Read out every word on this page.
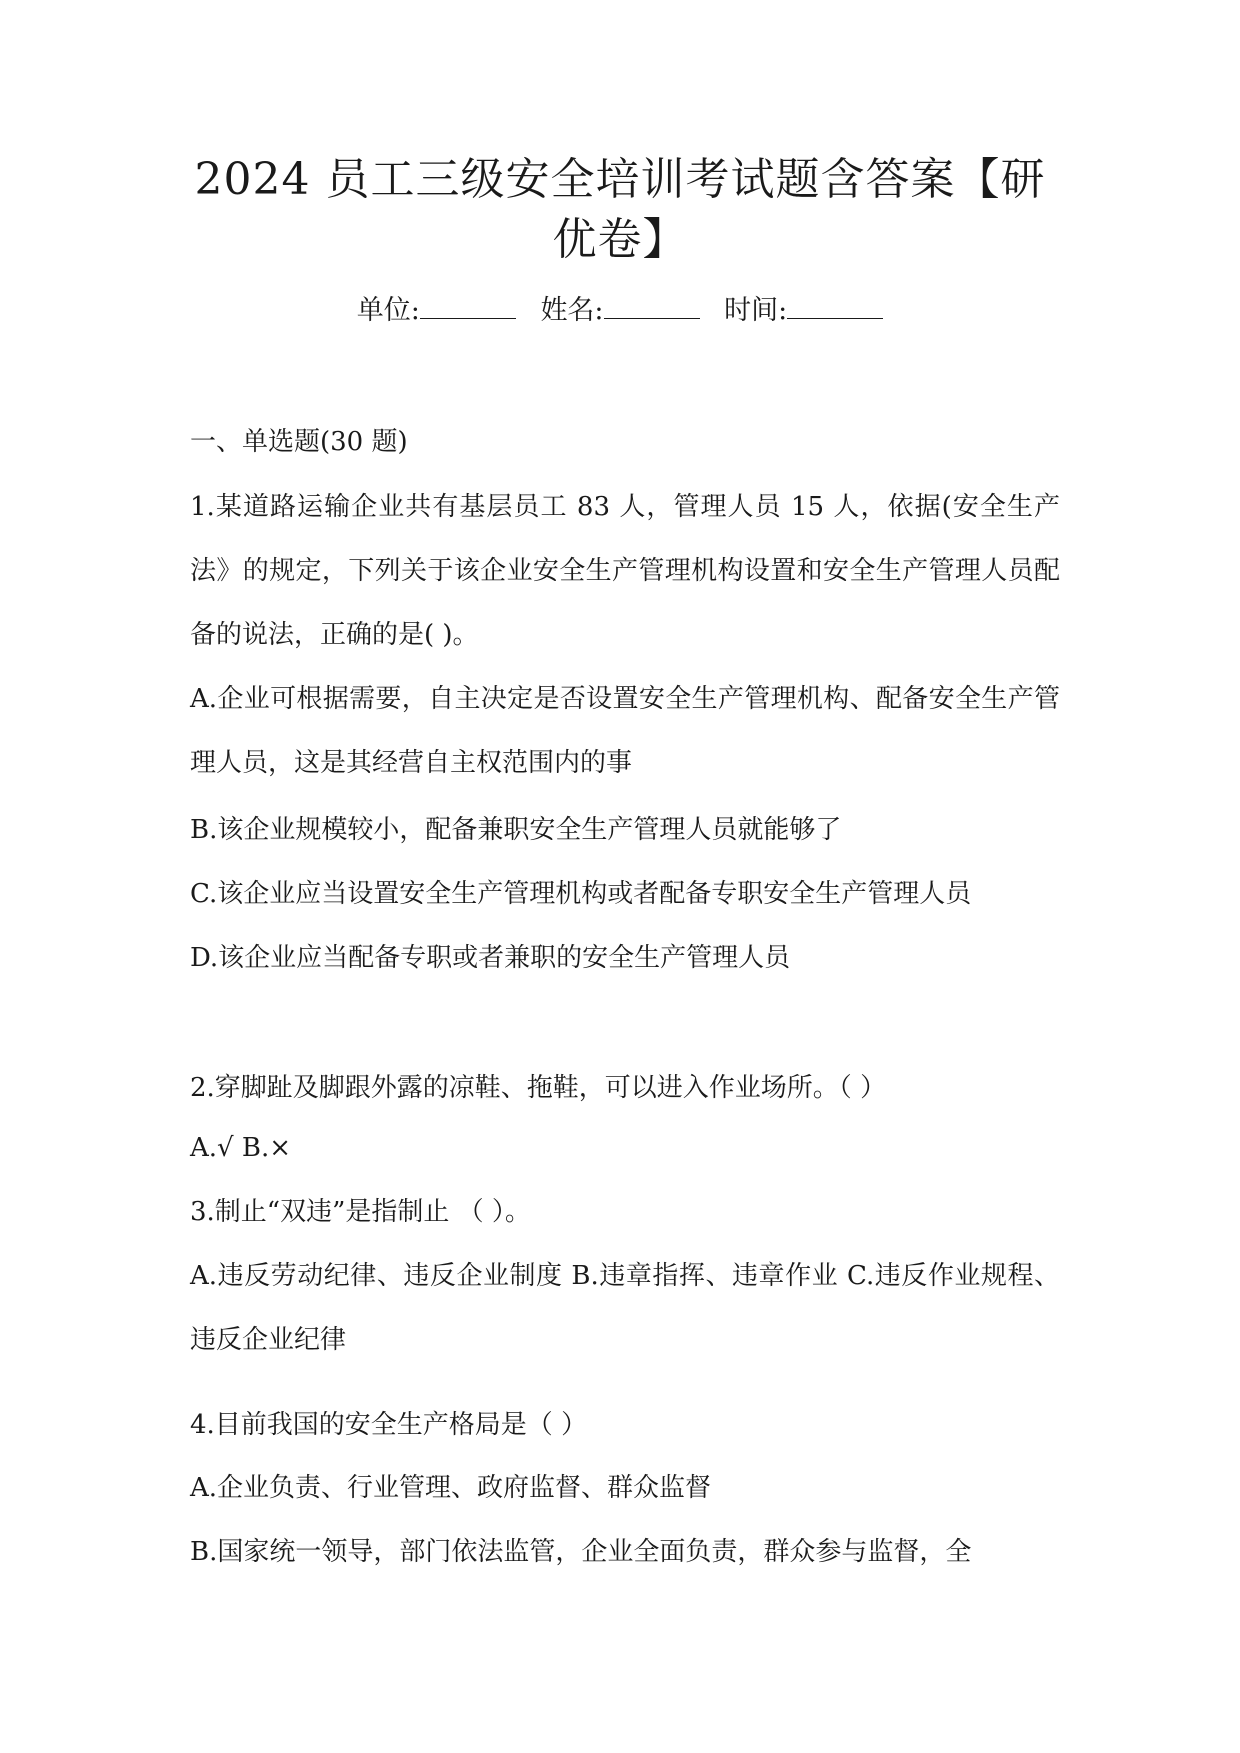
2024 员工三级安全培训考试题含答案【研优卷】
单位:	姓名:	时间:

一、单选题(30 题)

1.某道路运输企业共有基层员工 83 人，管理人员 15 人，依据(安全生产法》的规定，下列关于该企业安全生产管理机构设置和安全生产管理人员配备的说法，正确的是( )。

A.企业可根据需要，自主决定是否设置安全生产管理机构、配备安全生产管理人员，这是其经营自主权范围内的事

B.该企业规模较小，配备兼职安全生产管理人员就能够了

C.该企业应当设置安全生产管理机构或者配备专职安全生产管理人员

D.该企业应当配备专职或者兼职的安全生产管理人员

2.穿脚趾及脚跟外露的凉鞋、拖鞋，可以进入作业场所。（ ）

A.√ B.×

3.制止“双违”是指制止 （ ）。

A.违反劳动纪律、违反企业制度 B.违章指挥、违章作业 C.违反作业规程、违反企业纪律

4.目前我国的安全生产格局是（ ）

A.企业负责、行业管理、政府监督、群众监督

B.国家统一领导，部门依法监管，企业全面负责，群众参与监督，全
